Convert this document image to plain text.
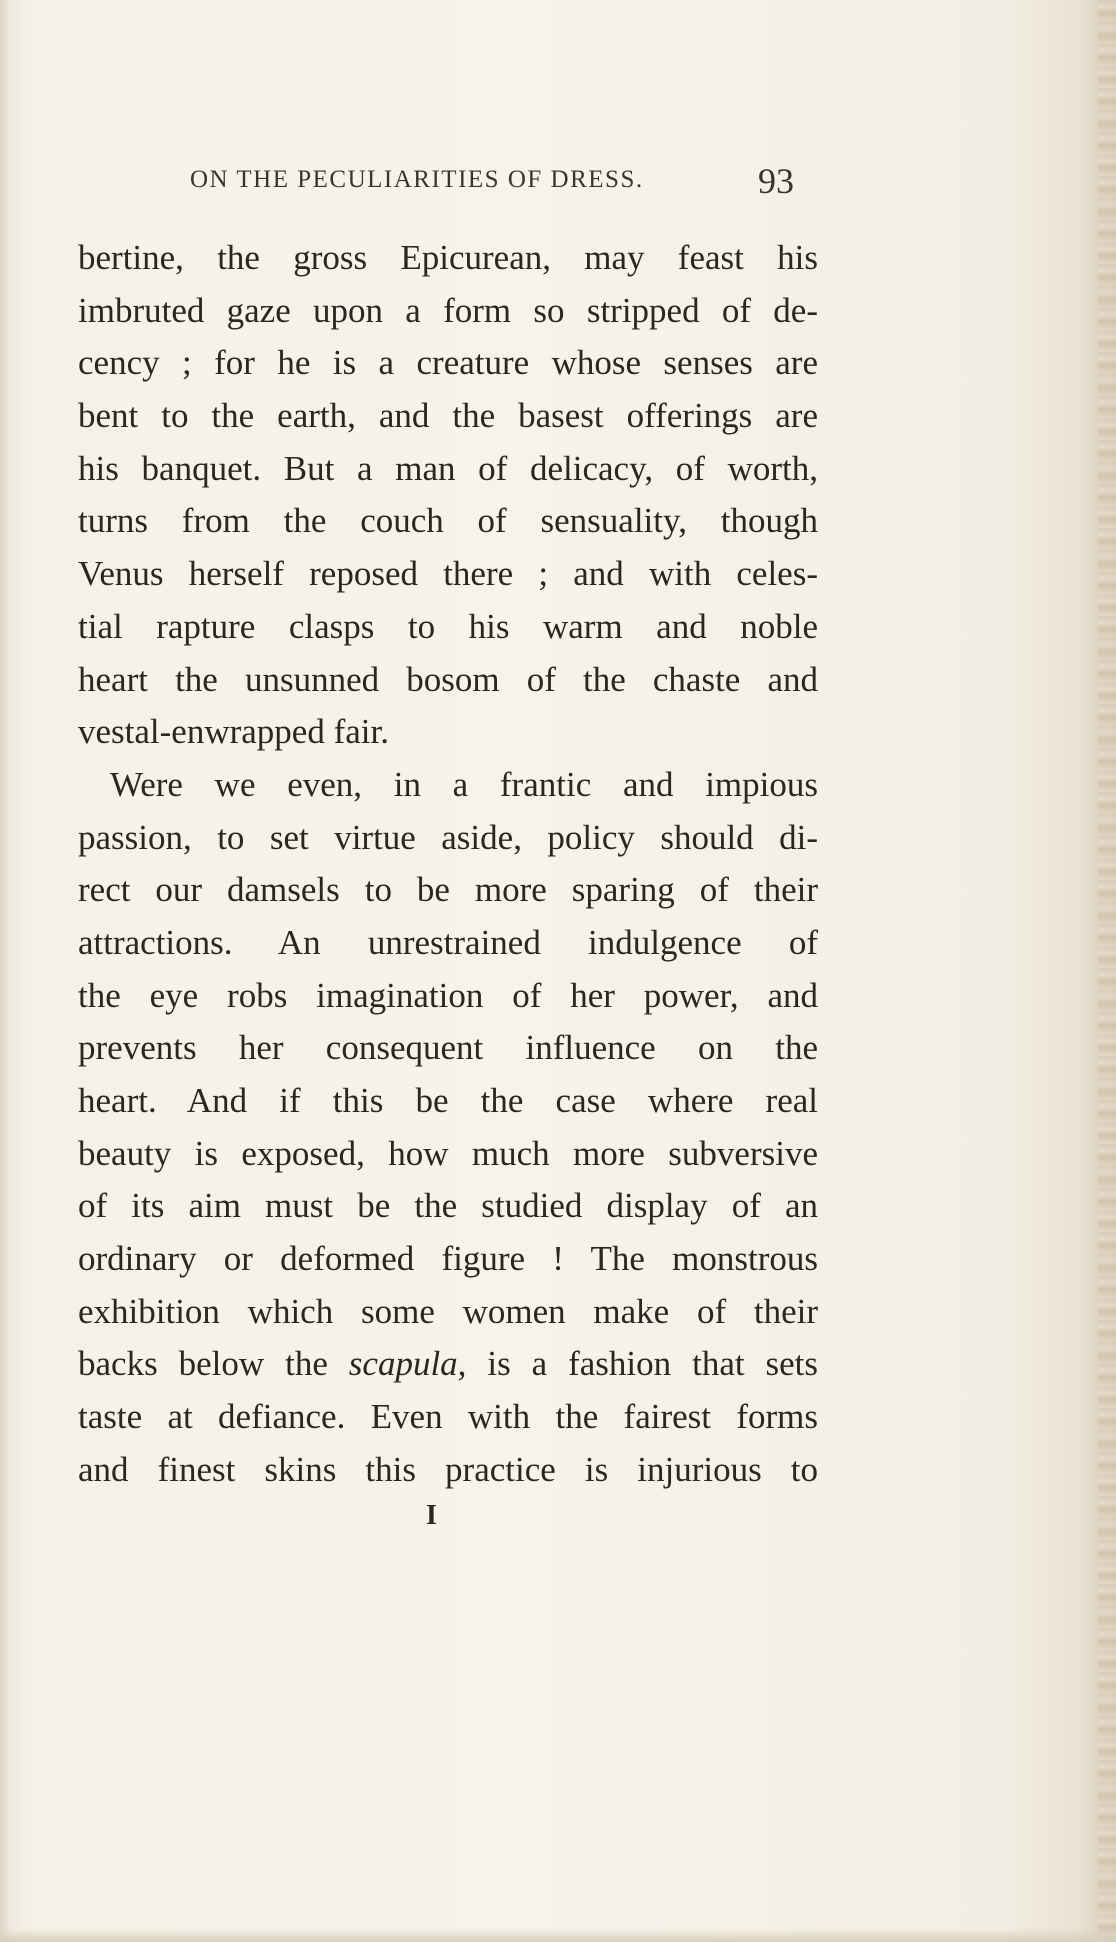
ON THE PECULIARITIES OF DRESS.	93
bertine, the gross Epicurean, may feast his
imbruted gaze upon a form so stripped of de-
cency ; for he is a creature whose senses are
bent to the earth, and the basest offerings are
his banquet. But a man of delicacy, of worth,
turns from the couch of sensuality, though
Venus herself reposed there ; and with celes-
tial rapture clasps to his warm and noble
heart the unsunned bosom of the chaste and
vestal-enwrapped fair.
Were we even, in a frantic and impious
passion, to set virtue aside, policy should di-
rect our damsels to be more sparing of their
attractions. An unrestrained indulgence of
the eye robs imagination of her power, and
prevents her consequent influence on the
heart. And if this be the case where real
beauty is exposed, how much more subversive
of its aim must be the studied display of an
ordinary or deformed figure ! The monstrous
exhibition which some women make of their
backs below the scapula, is a fashion that sets
taste at defiance. Even with the fairest forms
and finest skins this practice is injurious to
I
